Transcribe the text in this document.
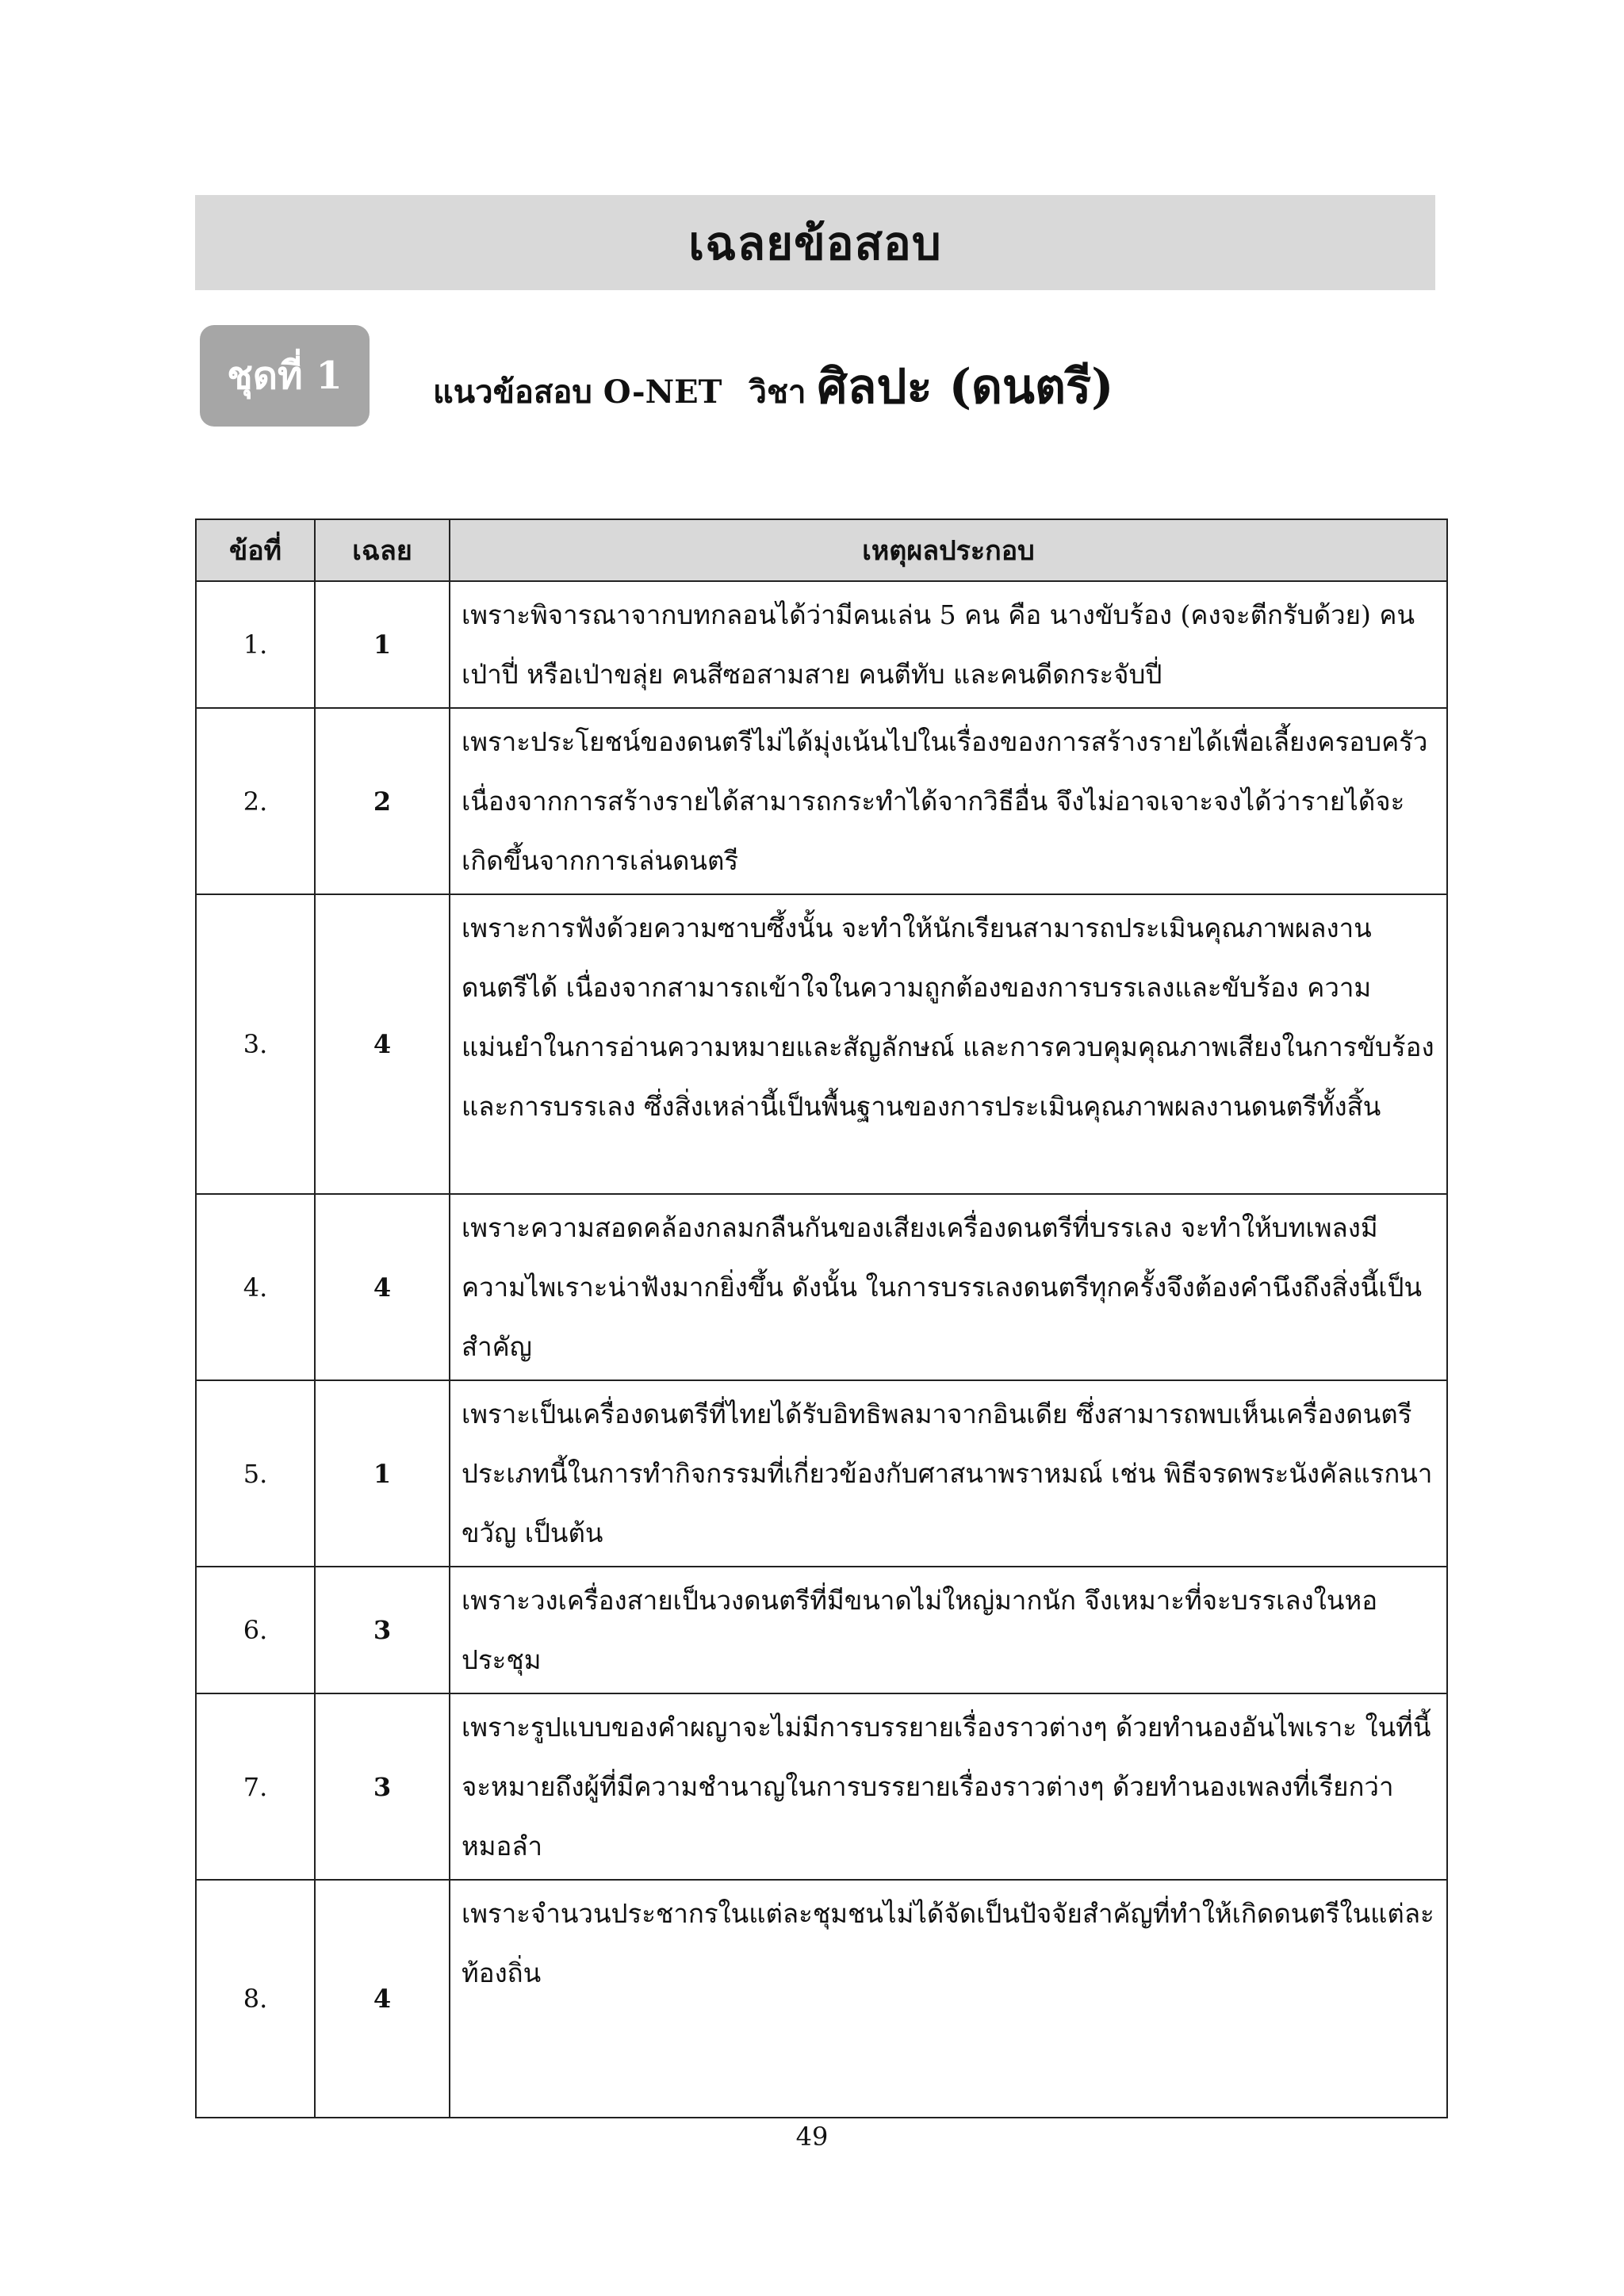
เฉลยข้อสอบ
ชุดที่ 1	แนวข้อสอบ O-NET วิชา ศิลปะ (ดนตรี)
ข้อที่	เฉลย	เหตุผลประกอบ
1.	1	เพราะพิจารณาจากบทกลอนได้ว่ามีคนเล่น 5 คน คือ นางขับร้อง (คงจะตีกรับด้วย) คนเป่าปี่ หรือเป่าขลุ่ย คนสีซอสามสาย คนตีทับ และคนดีดกระจับปี่
2.	2	เพราะประโยชน์ของดนตรีไม่ได้มุ่งเน้นไปในเรื่องของการสร้างรายได้เพื่อเลี้ยงครอบครัว เนื่องจากการสร้างรายได้สามารถกระทำได้จากวิธีอื่น จึงไม่อาจเจาะจงได้ว่ารายได้จะเกิดขึ้นจากการเล่นดนตรี
3.	4	เพราะการฟังด้วยความซาบซึ้งนั้น จะทำให้นักเรียนสามารถประเมินคุณภาพผลงานดนตรีได้ เนื่องจากสามารถเข้าใจในความถูกต้องของการบรรเลงและขับร้อง ความแม่นยำในการอ่านความหมายและสัญลักษณ์ และการควบคุมคุณภาพเสียงในการขับร้องและการบรรเลง ซึ่งสิ่งเหล่านี้เป็นพื้นฐานของการประเมินคุณภาพผลงานดนตรีทั้งสิ้น
4.	4	เพราะความสอดคล้องกลมกลืนกันของเสียงเครื่องดนตรีที่บรรเลง จะทำให้บทเพลงมีความไพเราะน่าฟังมากยิ่งขึ้น ดังนั้น ในการบรรเลงดนตรีทุกครั้งจึงต้องคำนึงถึงสิ่งนี้เป็นสำคัญ
5.	1	เพราะเป็นเครื่องดนตรีที่ไทยได้รับอิทธิพลมาจากอินเดีย ซึ่งสามารถพบเห็นเครื่องดนตรีประเภทนี้ในการทำกิจกรรมที่เกี่ยวข้องกับศาสนาพราหมณ์ เช่น พิธีจรดพระนังคัลแรกนาขวัญ เป็นต้น
6.	3	เพราะวงเครื่องสายเป็นวงดนตรีที่มีขนาดไม่ใหญ่มากนัก จึงเหมาะที่จะบรรเลงในหอประชุม
7.	3	เพราะรูปแบบของคำผญาจะไม่มีการบรรยายเรื่องราวต่างๆ ด้วยทำนองอันไพเราะ ในที่นี้จะหมายถึงผู้ที่มีความชำนาญในการบรรยายเรื่องราวต่างๆ ด้วยทำนองเพลงที่เรียกว่าหมอลำ
8.	4	เพราะจำนวนประชากรในแต่ละชุมชนไม่ได้จัดเป็นปัจจัยสำคัญที่ทำให้เกิดดนตรีในแต่ละท้องถิ่น
49
